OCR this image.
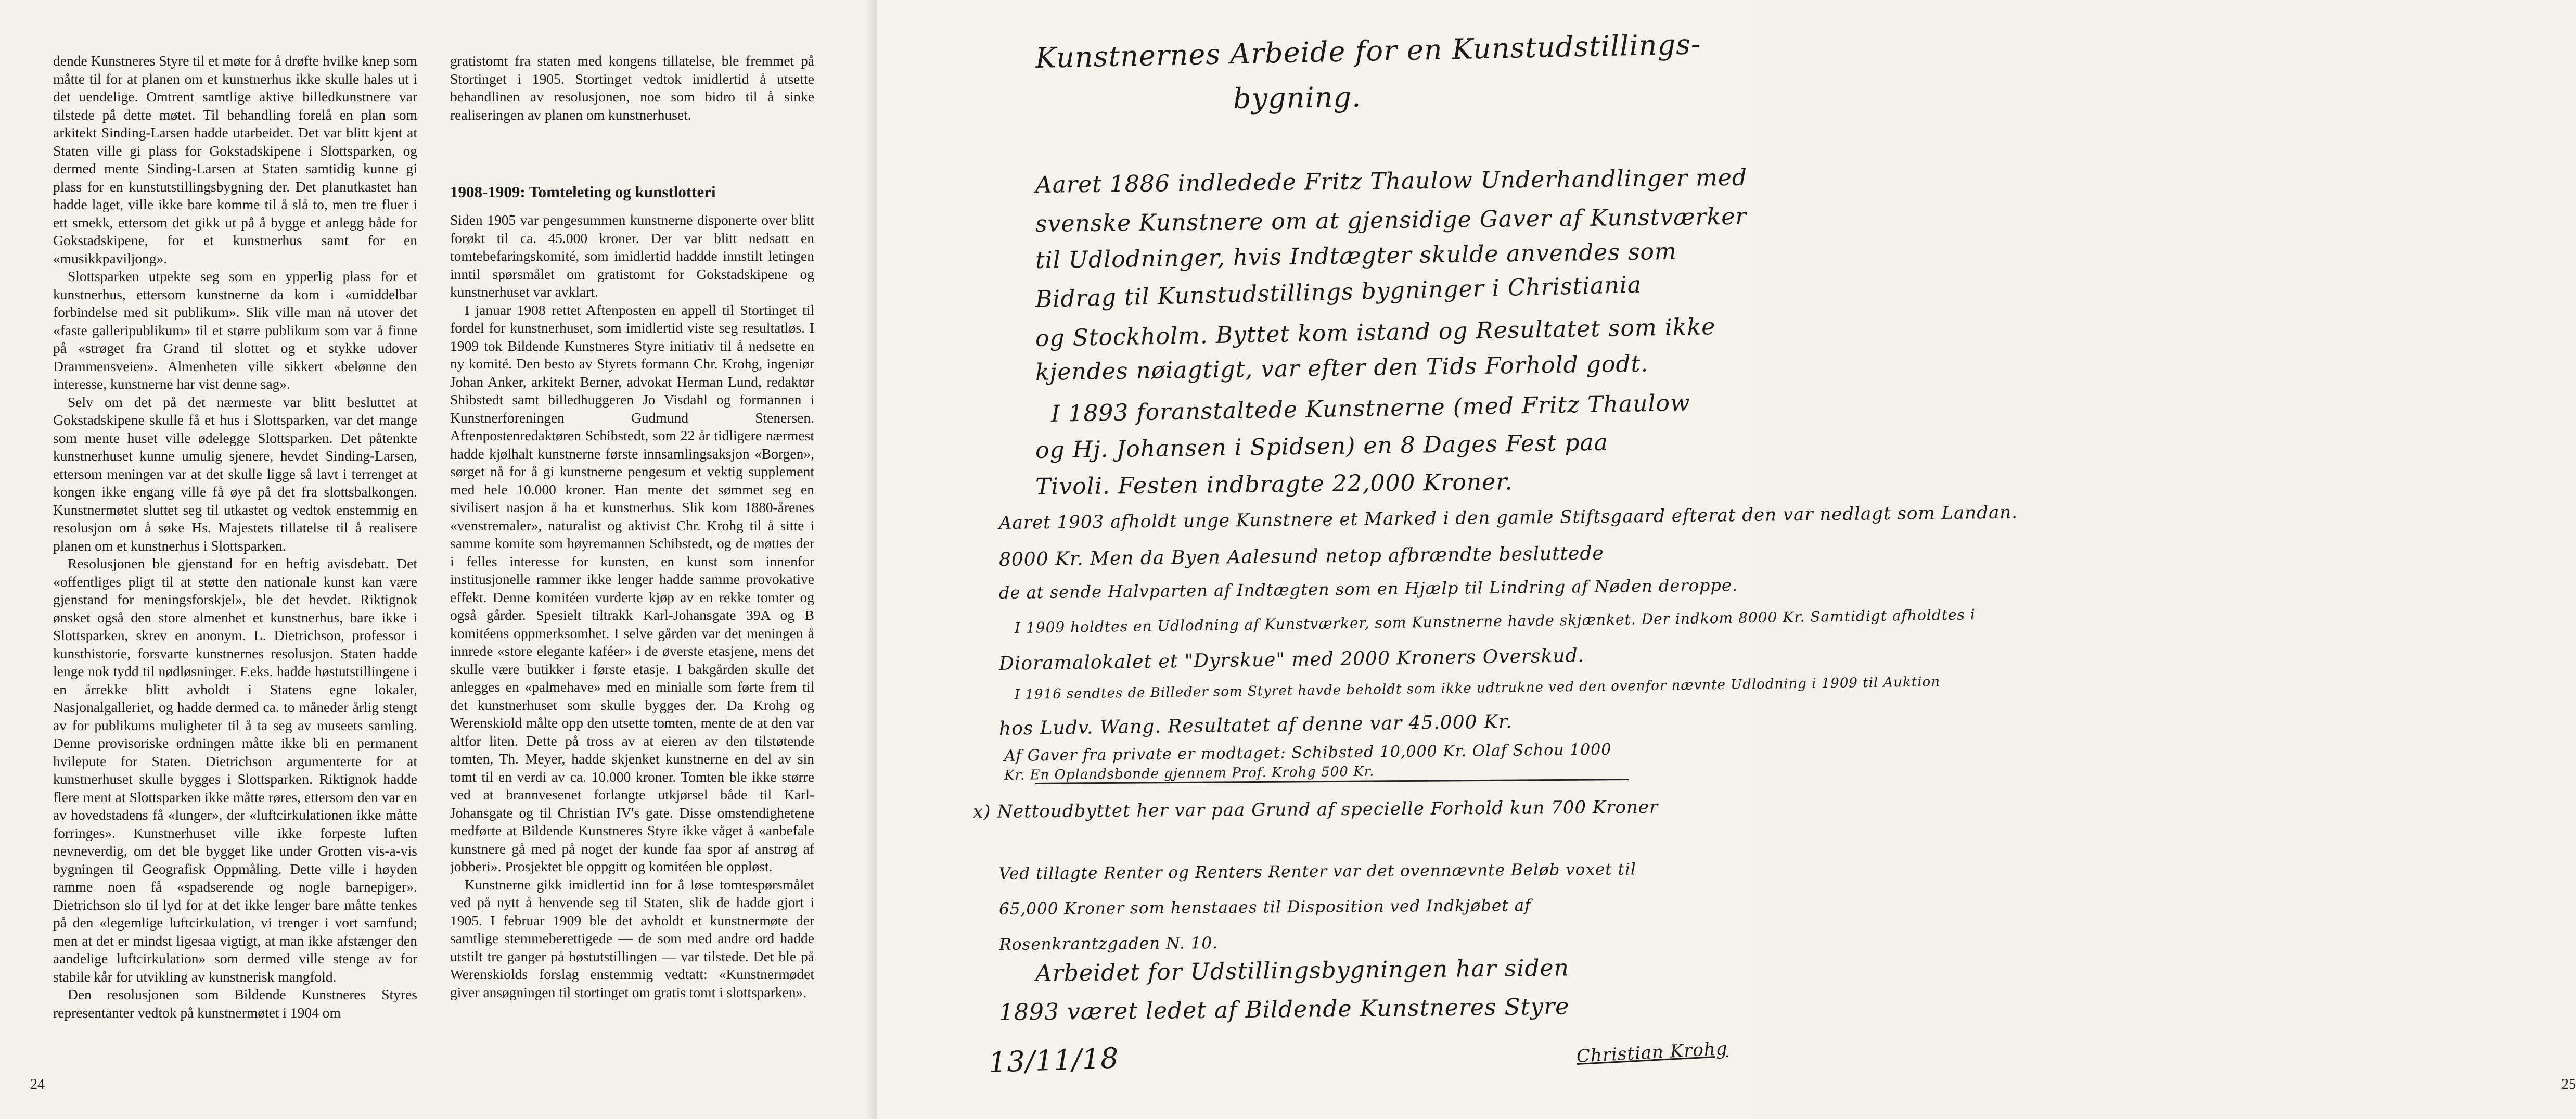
dende Kunstneres Styre til et møte for å drøfte hvilke knep som måtte til for at planen om et kunstnerhus ikke skulle hales ut i det uendelige. Omtrent samtlige aktive billedkunstnere var tilstede på dette møtet. Til behandling forelå en plan som arkitekt Sinding-Larsen hadde utarbeidet. Det var blitt kjent at Staten ville gi plass for Gokstadskipene i Slottsparken, og dermed mente Sinding-Larsen at Staten samtidig kunne gi plass for en kunstutstillingsbygning der. Det planutkastet han hadde laget, ville ikke bare komme til å slå to, men tre fluer i ett smekk, ettersom det gikk ut på å bygge et anlegg både for Gokstadskipene, for et kunstnerhus samt for en «musikkpaviljong».

Slottsparken utpekte seg som en ypperlig plass for et kunstnerhus, ettersom kunstnerne da kom i «umiddelbar forbindelse med sit publikum». Slik ville man nå utover det «faste galleripublikum» til et større publikum som var å finne på «strøget fra Grand til slottet og et stykke udover Drammensveien». Almenheten ville sikkert «belønne den interesse, kunstnerne har vist denne sag».

Selv om det på det nærmeste var blitt besluttet at Gokstadskipene skulle få et hus i Slottsparken, var det mange som mente huset ville ødelegge Slottsparken. Det påtenkte kunstnerhuset kunne umulig sjenere, hevdet Sinding-Larsen, ettersom meningen var at det skulle ligge så lavt i terrenget at kongen ikke engang ville få øye på det fra slottsbalkongen. Kunstnermøtet sluttet seg til utkastet og vedtok enstemmig en resolusjon om å søke Hs. Majestets tillatelse til å realisere planen om et kunstnerhus i Slottsparken.

Resolusjonen ble gjenstand for en heftig avisdebatt. Det «offentliges pligt til at støtte den nationale kunst kan være gjenstand for meningsforskjel», ble det hevdet. Riktignok ønsket også den store almenhet et kunstnerhus, bare ikke i Slottsparken, skrev en anonym. L. Dietrichson, professor i kunsthistorie, forsvarte kunstnernes resolusjon. Staten hadde lenge nok tydd til nødløsninger. F.eks. hadde høstutstillingene i en årrekke blitt avholdt i Statens egne lokaler, Nasjonalgalleriet, og hadde dermed ca. to måneder årlig stengt av for publikums muligheter til å ta seg av museets samling. Denne provisoriske ordningen måtte ikke bli en permanent hvilepute for Staten. Dietrichson argumenterte for at kunstnerhuset skulle bygges i Slottsparken. Riktignok hadde flere ment at Slottsparken ikke måtte røres, ettersom den var en av hovedstadens få «lunger», der «luftcirkulationen ikke måtte forringes». Kunstnerhuset ville ikke forpeste luften nevneverdig, om det ble bygget like under Grotten vis-a-vis bygningen til Geografisk Oppmåling. Dette ville i høyden ramme noen få «spadserende og nogle barnepiger». Dietrichson slo til lyd for at det ikke lenger bare måtte tenkes på den «legemlige luftcirkulation, vi trenger i vort samfund; men at det er mindst ligesaa vigtigt, at man ikke afstænger den aandelige luftcirkulation» som dermed ville stenge av for stabile kår for utvikling av kunstnerisk mangfold.

Den resolusjonen som Bildende Kunstneres Styres representanter vedtok på kunstnermøtet i 1904 om

gratistomt fra staten med kongens tillatelse, ble fremmet på Stortinget i 1905. Stortinget vedtok imidlertid å utsette behandlinen av resolusjonen, noe som bidro til å sinke realiseringen av planen om kunstnerhuset.

1908-1909: Tomteleting og kunstlotteri

Siden 1905 var pengesummen kunstnerne disponerte over blitt forøkt til ca. 45.000 kroner. Der var blitt nedsatt en tomtebefaringskomité, som imidlertid haddde innstilt letingen inntil spørsmålet om gratistomt for Gokstadskipene og kunstnerhuset var avklart.

I januar 1908 rettet Aftenposten en appell til Stortinget til fordel for kunstnerhuset, som imidlertid viste seg resultatløs. I 1909 tok Bildende Kunstneres Styre initiativ til å nedsette en ny komité. Den besto av Styrets formann Chr. Krohg, ingeniør Johan Anker, arkitekt Berner, advokat Herman Lund, redaktør Shibstedt samt billedhuggeren Jo Visdahl og formannen i Kunstnerforeningen Gudmund Stenersen. Aftenpostenredaktøren Schibstedt, som 22 år tidligere nærmest hadde kjølhalt kunstnerne første innsamlingsaksjon «Borgen», sørget nå for å gi kunstnerne pengesum et vektig supplement med hele 10.000 kroner. Han mente det sømmet seg en sivilisert nasjon å ha et kunstnerhus. Slik kom 1880-årenes «venstremaler», naturalist og aktivist Chr. Krohg til å sitte i samme komite som høyremannen Schibstedt, og de møttes der i felles interesse for kunsten, en kunst som innenfor institusjonelle rammer ikke lenger hadde samme provokative effekt. Denne komitéen vurderte kjøp av en rekke tomter og også gårder. Spesielt tiltrakk Karl-Johansgate 39A og B komitéens oppmerksomhet. I selve gården var det meningen å innrede «store elegante kaféer» i de øverste etasjene, mens det skulle være butikker i første etasje. I bakgården skulle det anlegges en «palmehave» med en minialle som førte frem til det kunstnerhuset som skulle bygges der. Da Krohg og Werenskiold målte opp den utsette tomten, mente de at den var altfor liten. Dette på tross av at eieren av den tilstøtende tomten, Th. Meyer, hadde skjenket kunstnerne en del av sin tomt til en verdi av ca. 10.000 kroner. Tomten ble ikke større ved at brannvesenet forlangte utkjørsel både til Karl-Johansgate og til Christian IV's gate. Disse omstendighetene medførte at Bildende Kunstneres Styre ikke våget å «anbefale kunstnere gå med på noget der kunde faa spor af anstrøg af jobberi». Prosjektet ble oppgitt og komitéen ble oppløst.

Kunstnerne gikk imidlertid inn for å løse tomtespørsmålet ved på nytt å henvende seg til Staten, slik de hadde gjort i 1905. I februar 1909 ble det avholdt et kunstnermøte der samtlige stemmeberettigede — de som med andre ord hadde utstilt tre ganger på høstutstillingen — var tilstede. Det ble på Werenskiolds forslag enstemmig vedtatt: «Kunstnermødet giver ansøgningen til stortinget om gratis tomt i slottsparken».

24	25
Kunstnernes Arbeide for en Kunstudstillings-
bygning.
Aaret 1886 indledede Fritz Thaulow Underhandlinger med
svenske Kunstnere om at gjensidige Gaver af Kunstværker
til Udlodninger, hvis Indtægter skulde anvendes som
Bidrag til Kunstudstillings bygninger i Christiania
og Stockholm. Byttet kom istand og Resultatet som ikke
kjendes nøiagtigt, var efter den Tids Forhold godt.
I 1893 foranstaltede Kunstnerne (med Fritz Thaulow
og Hj. Johansen i Spidsen) en 8 Dages Fest paa
Tivoli. Festen indbragte 22,000 Kroner.
Aaret 1903 afholdt unge Kunstnere et Marked i den gamle Stiftsgaard efterat den var nedlagt som Landan.
8000 Kr. Men da Byen Aalesund netop afbrændte besluttede
de at sende Halvparten af Indtægten som en Hjælp til Lindring af Nøden deroppe.
I 1909 holdtes en Udlodning af Kunstværker, som Kunstnerne havde skjænket. Der indkom 8000 Kr. Samtidigt afholdtes i
Dioramalokalet et "Dyrskue" med 2000 Kroners Overskud.
I 1916 sendtes de Billeder som Styret havde beholdt som ikke udtrukne ved den ovenfor nævnte Udlodning i 1909 til Auktion
hos Ludv. Wang. Resultatet af denne var 45.000 Kr.
Af Gaver fra private er modtaget: Schibsted 10,000 Kr. Olaf Schou 1000
Kr. En Oplandsbonde gjennem Prof. Krohg 500 Kr.
x) Nettoudbyttet her var paa Grund af specielle Forhold kun 700 Kroner
Ved tillagte Renter og Renters Renter var det ovennævnte Beløb voxet til 65,000 Kroner som henstaaes til Disposition ved Indkjøbet af Rosenkrantzgaden N. 10.
Arbeidet for Udstillingsbygningen har siden
1893 været ledet af Bildende Kunstneres Styre
13/11/18	Christian Krohg
